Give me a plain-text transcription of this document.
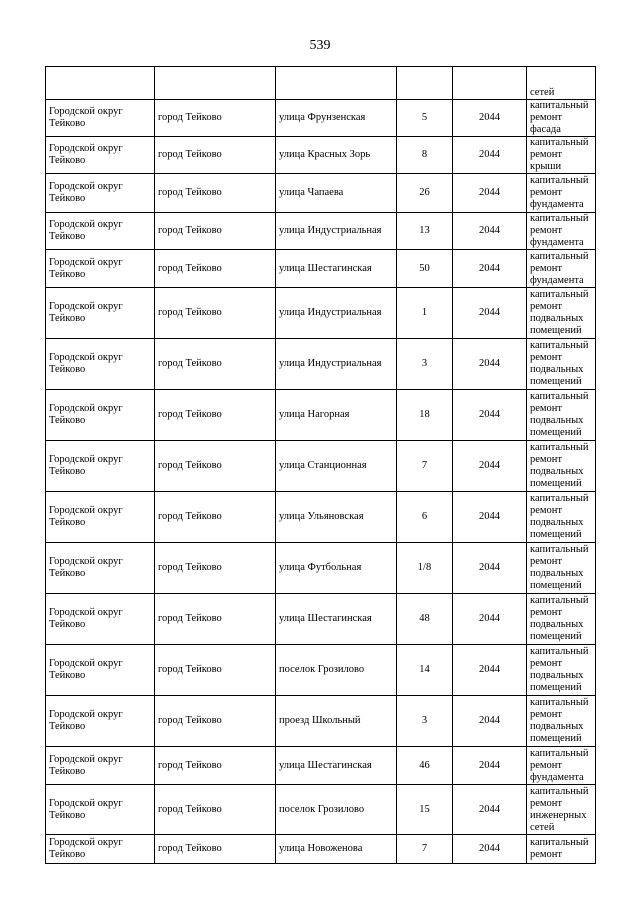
539
					сетей
Городской округ Тейково	город Тейково	улица Фрунзенская	5	2044	капитальный ремонт фасада
Городской округ Тейково	город Тейково	улица Красных Зорь	8	2044	капитальный ремонт крыши
Городской округ Тейково	город Тейково	улица Чапаева	26	2044	капитальный ремонт фундамента
Городской округ Тейково	город Тейково	улица Индустриальная	13	2044	капитальный ремонт фундамента
Городской округ Тейково	город Тейково	улица Шестагинская	50	2044	капитальный ремонт фундамента
Городской округ Тейково	город Тейково	улица Индустриальная	1	2044	капитальный ремонт подвальных помещений
Городской округ Тейково	город Тейково	улица Индустриальная	3	2044	капитальный ремонт подвальных помещений
Городской округ Тейково	город Тейково	улица Нагорная	18	2044	капитальный ремонт подвальных помещений
Городской округ Тейково	город Тейково	улица Станционная	7	2044	капитальный ремонт подвальных помещений
Городской округ Тейково	город Тейково	улица Ульяновская	6	2044	капитальный ремонт подвальных помещений
Городской округ Тейково	город Тейково	улица Футбольная	1/8	2044	капитальный ремонт подвальных помещений
Городской округ Тейково	город Тейково	улица Шестагинская	48	2044	капитальный ремонт подвальных помещений
Городской округ Тейково	город Тейково	поселок Грозилово	14	2044	капитальный ремонт подвальных помещений
Городской округ Тейково	город Тейково	проезд Школьный	3	2044	капитальный ремонт подвальных помещений
Городской округ Тейково	город Тейково	улица Шестагинская	46	2044	капитальный ремонт фундамента
Городской округ Тейково	город Тейково	поселок Грозилово	15	2044	капитальный ремонт инженерных сетей
Городской округ Тейково	город Тейково	улица Новоженова	7	2044	капитальный ремонт
